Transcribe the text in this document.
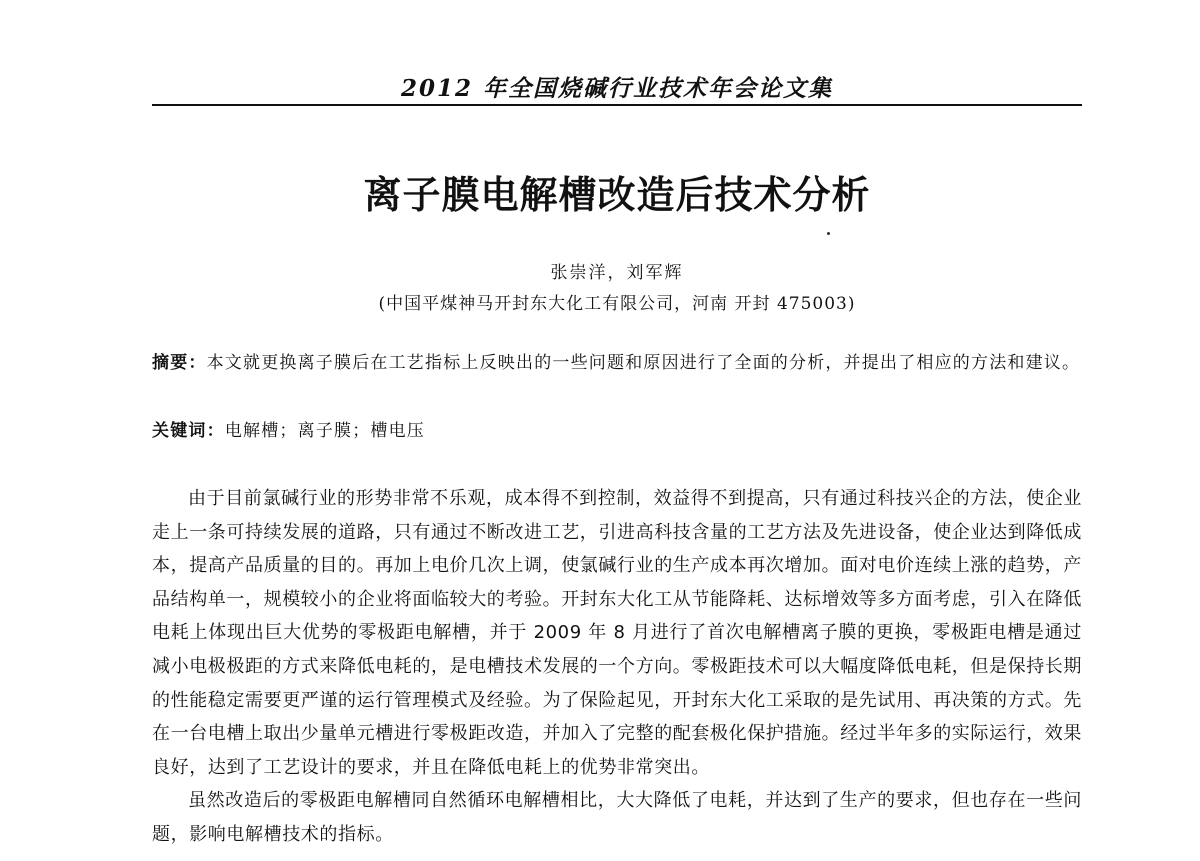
2012 年全国烧碱行业技术年会论文集
离子膜电解槽改造后技术分析
张崇洋，刘军辉
(中国平煤神马开封东大化工有限公司，河南 开封 475003)
摘要：本文就更换离子膜后在工艺指标上反映出的一些问题和原因进行了全面的分析，并提出了相应的方法和建议。
关键词：电解槽；离子膜；槽电压

由于目前氯碱行业的形势非常不乐观，成本得不到控制，效益得不到提高，只有通过科技兴企的方法，使企业走上一条可持续发展的道路，只有通过不断改进工艺，引进高科技含量的工艺方法及先进设备，使企业达到降低成本，提高产品质量的目的。再加上电价几次上调，使氯碱行业的生产成本再次增加。面对电价连续上涨的趋势，产品结构单一，规模较小的企业将面临较大的考验。开封东大化工从节能降耗、达标增效等多方面考虑，引入在降低电耗上体现出巨大优势的零极距电解槽，并于 2009 年 8 月进行了首次电解槽离子膜的更换，零极距电槽是通过减小电极极距的方式来降低电耗的，是电槽技术发展的一个方向。零极距技术可以大幅度降低电耗，但是保持长期的性能稳定需要更严谨的运行管理模式及经验。为了保险起见，开封东大化工采取的是先试用、再决策的方式。先在一台电槽上取出少量单元槽进行零极距改造，并加入了完整的配套极化保护措施。经过半年多的实际运行，效果良好，达到了工艺设计的要求，并且在降低电耗上的优势非常突出。

虽然改造后的零极距电解槽同自然循环电解槽相比，大大降低了电耗，并达到了生产的要求，但也存在一些问题，影响电解槽技术的指标。
